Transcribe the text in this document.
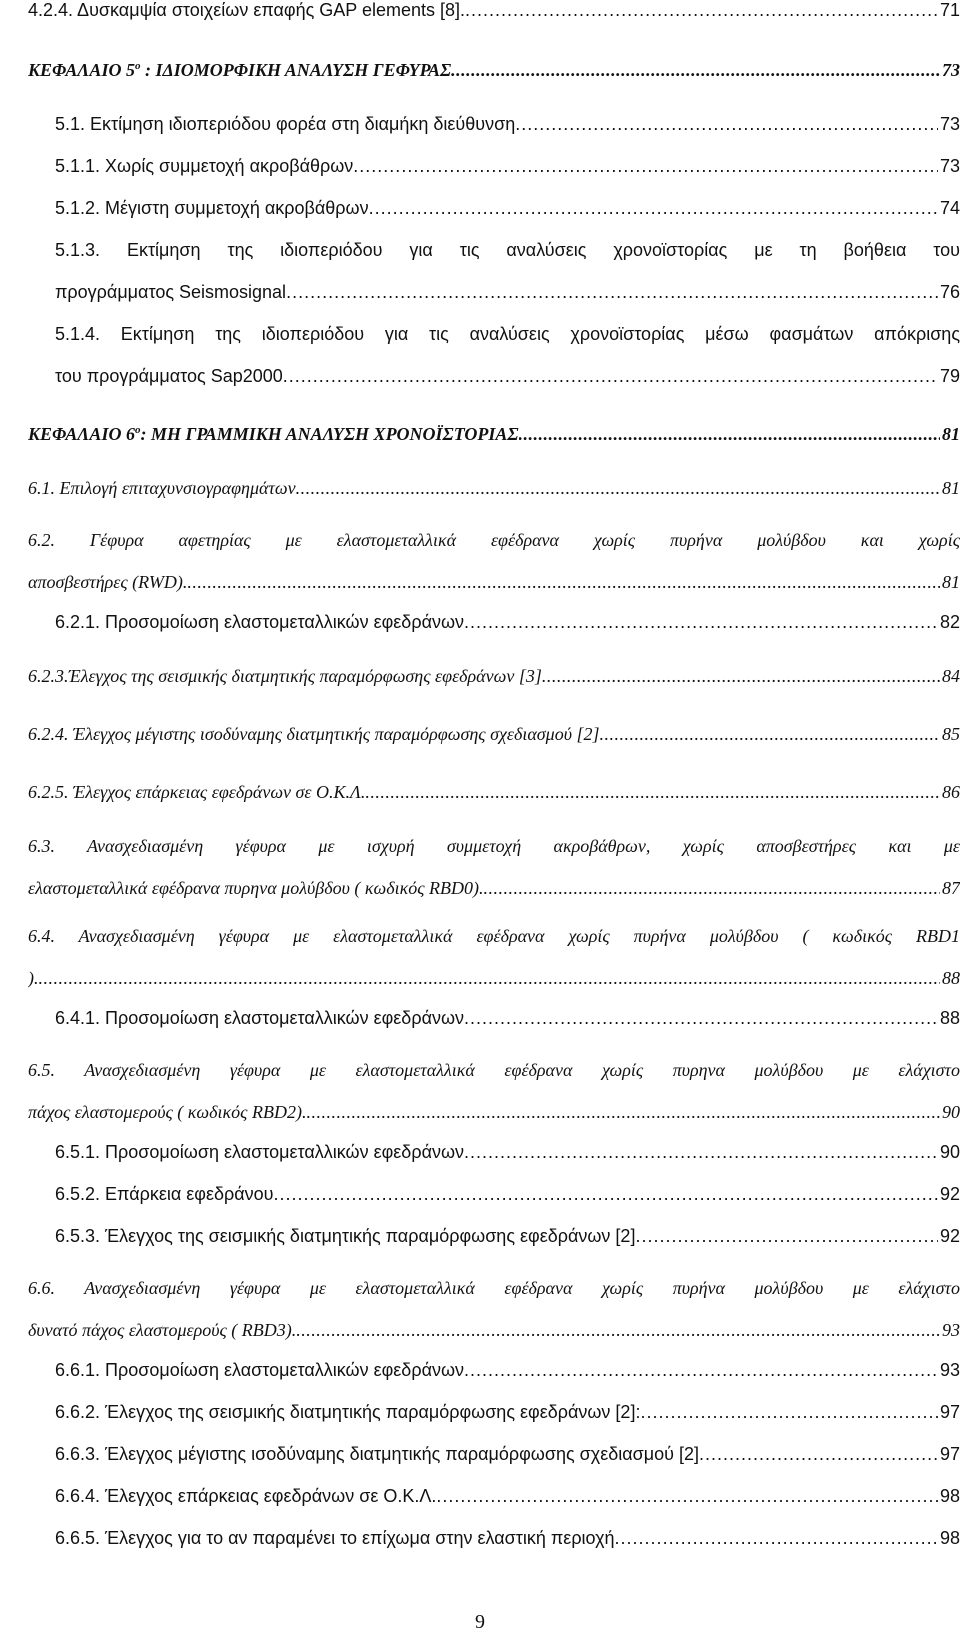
4.2.4. Δυσκαμψία στοιχείων επαφής GAP elements [8]. . . .	71
ΚΕΦΑΛΑΙΟ $5^o$ : ΙΔΙΟΜΟΡΦΙΚΗ ΑΝΑΛΥΣΗ ΓΕΦΥΡΑΣ . . .	73
5.1. Εκτίμηση ιδιοπεριόδου φορέα στη διαμήκη διεύθυνση . . .	73
5.1.1. Χωρίς συμμετοχή ακροβάθρων . . .	73
5.1.2. Μέγιστη συμμετοχή ακροβάθρων . . .	74
5.1.3. Εκτίμηση της ιδιοπεριόδου για τις αναλύσεις χρονοϊστορίας με τη βοήθεια του
προγράμματος Seismosignal . . .	76
5.1.4. Εκτίμηση της ιδιοπεριόδου για τις αναλύσεις χρονοϊστορίας μέσω φασμάτων απόκρισης
του προγράμματος Sap2000 . . .	79
ΚΕΦΑΛΑΙΟ $6^o$: ΜΗ ΓΡΑΜΜΙΚΗ ΑΝΑΛΥΣΗ ΧΡΟΝΟΪΣΤΟΡΙΑΣ . . .	81
6.1. Επιλογή επιταχυνσιογραφημάτων . . .	81
6.2. Γέφυρα αφετηρίας με ελαστομεταλλικά εφέδρανα χωρίς πυρήνα μολύβδου και χωρίς
αποσβεστήρες (RWD). . . .	81
6.2.1. Προσομοίωση ελαστομεταλλικών εφεδράνων . . .	82
6.2.3.Έλεγχος της σεισμικής διατμητικής παραμόρφωσης εφεδράνων [3] . . .	84
6.2.4. Έλεγχος μέγιστης ισοδύναμης διατμητικής παραμόρφωσης σχεδιασμού [2] . . .	85
6.2.5. Έλεγχος επάρκειας εφεδράνων σε Ο.Κ.Λ. . . .	86
6.3. Ανασχεδιασμένη γέφυρα με ισχυρή συμμετοχή ακροβάθρων, χωρίς αποσβεστήρες και με
ελαστομεταλλικά εφέδρανα πυρηνα μολύβδου ( κωδικός RBD0). . . .	87
6.4. Ανασχεδιασμένη γέφυρα με ελαστομεταλλικά εφέδρανα χωρίς πυρήνα μολύβδου ( κωδικός RBD1
). . . .	88
6.4.1. Προσομοίωση ελαστομεταλλικών εφεδράνων . . .	88
6.5. Ανασχεδιασμένη γέφυρα με ελαστομεταλλικά εφέδρανα χωρίς πυρηνα μολύβδου με ελάχιστο
πάχος ελαστομερούς ( κωδικός RBD2). . . .	90
6.5.1. Προσομοίωση ελαστομεταλλικών εφεδράνων . . .	90
6.5.2. Επάρκεια εφεδράνου . . .	92
6.5.3. Έλεγχος της σεισμικής διατμητικής παραμόρφωσης εφεδράνων [2] . . .	92
6.6. Ανασχεδιασμένη γέφυρα με ελαστομεταλλικά εφέδρανα χωρίς πυρήνα μολύβδου με ελάχιστο
δυνατό πάχος ελαστομερούς ( RBD3). . . .	93
6.6.1. Προσομοίωση ελαστομεταλλικών εφεδράνων . . .	93
6.6.2. Έλεγχος της σεισμικής διατμητικής παραμόρφωσης εφεδράνων [2]: . . .	97
6.6.3. Έλεγχος μέγιστης ισοδύναμης διατμητικής παραμόρφωσης σχεδιασμού [2] . . .	97
6.6.4. Έλεγχος επάρκειας εφεδράνων σε Ο.Κ.Λ. . . .	98
6.6.5. Έλεγχος για το αν παραμένει το επίχωμα στην ελαστική περιοχή . . .	98
9
